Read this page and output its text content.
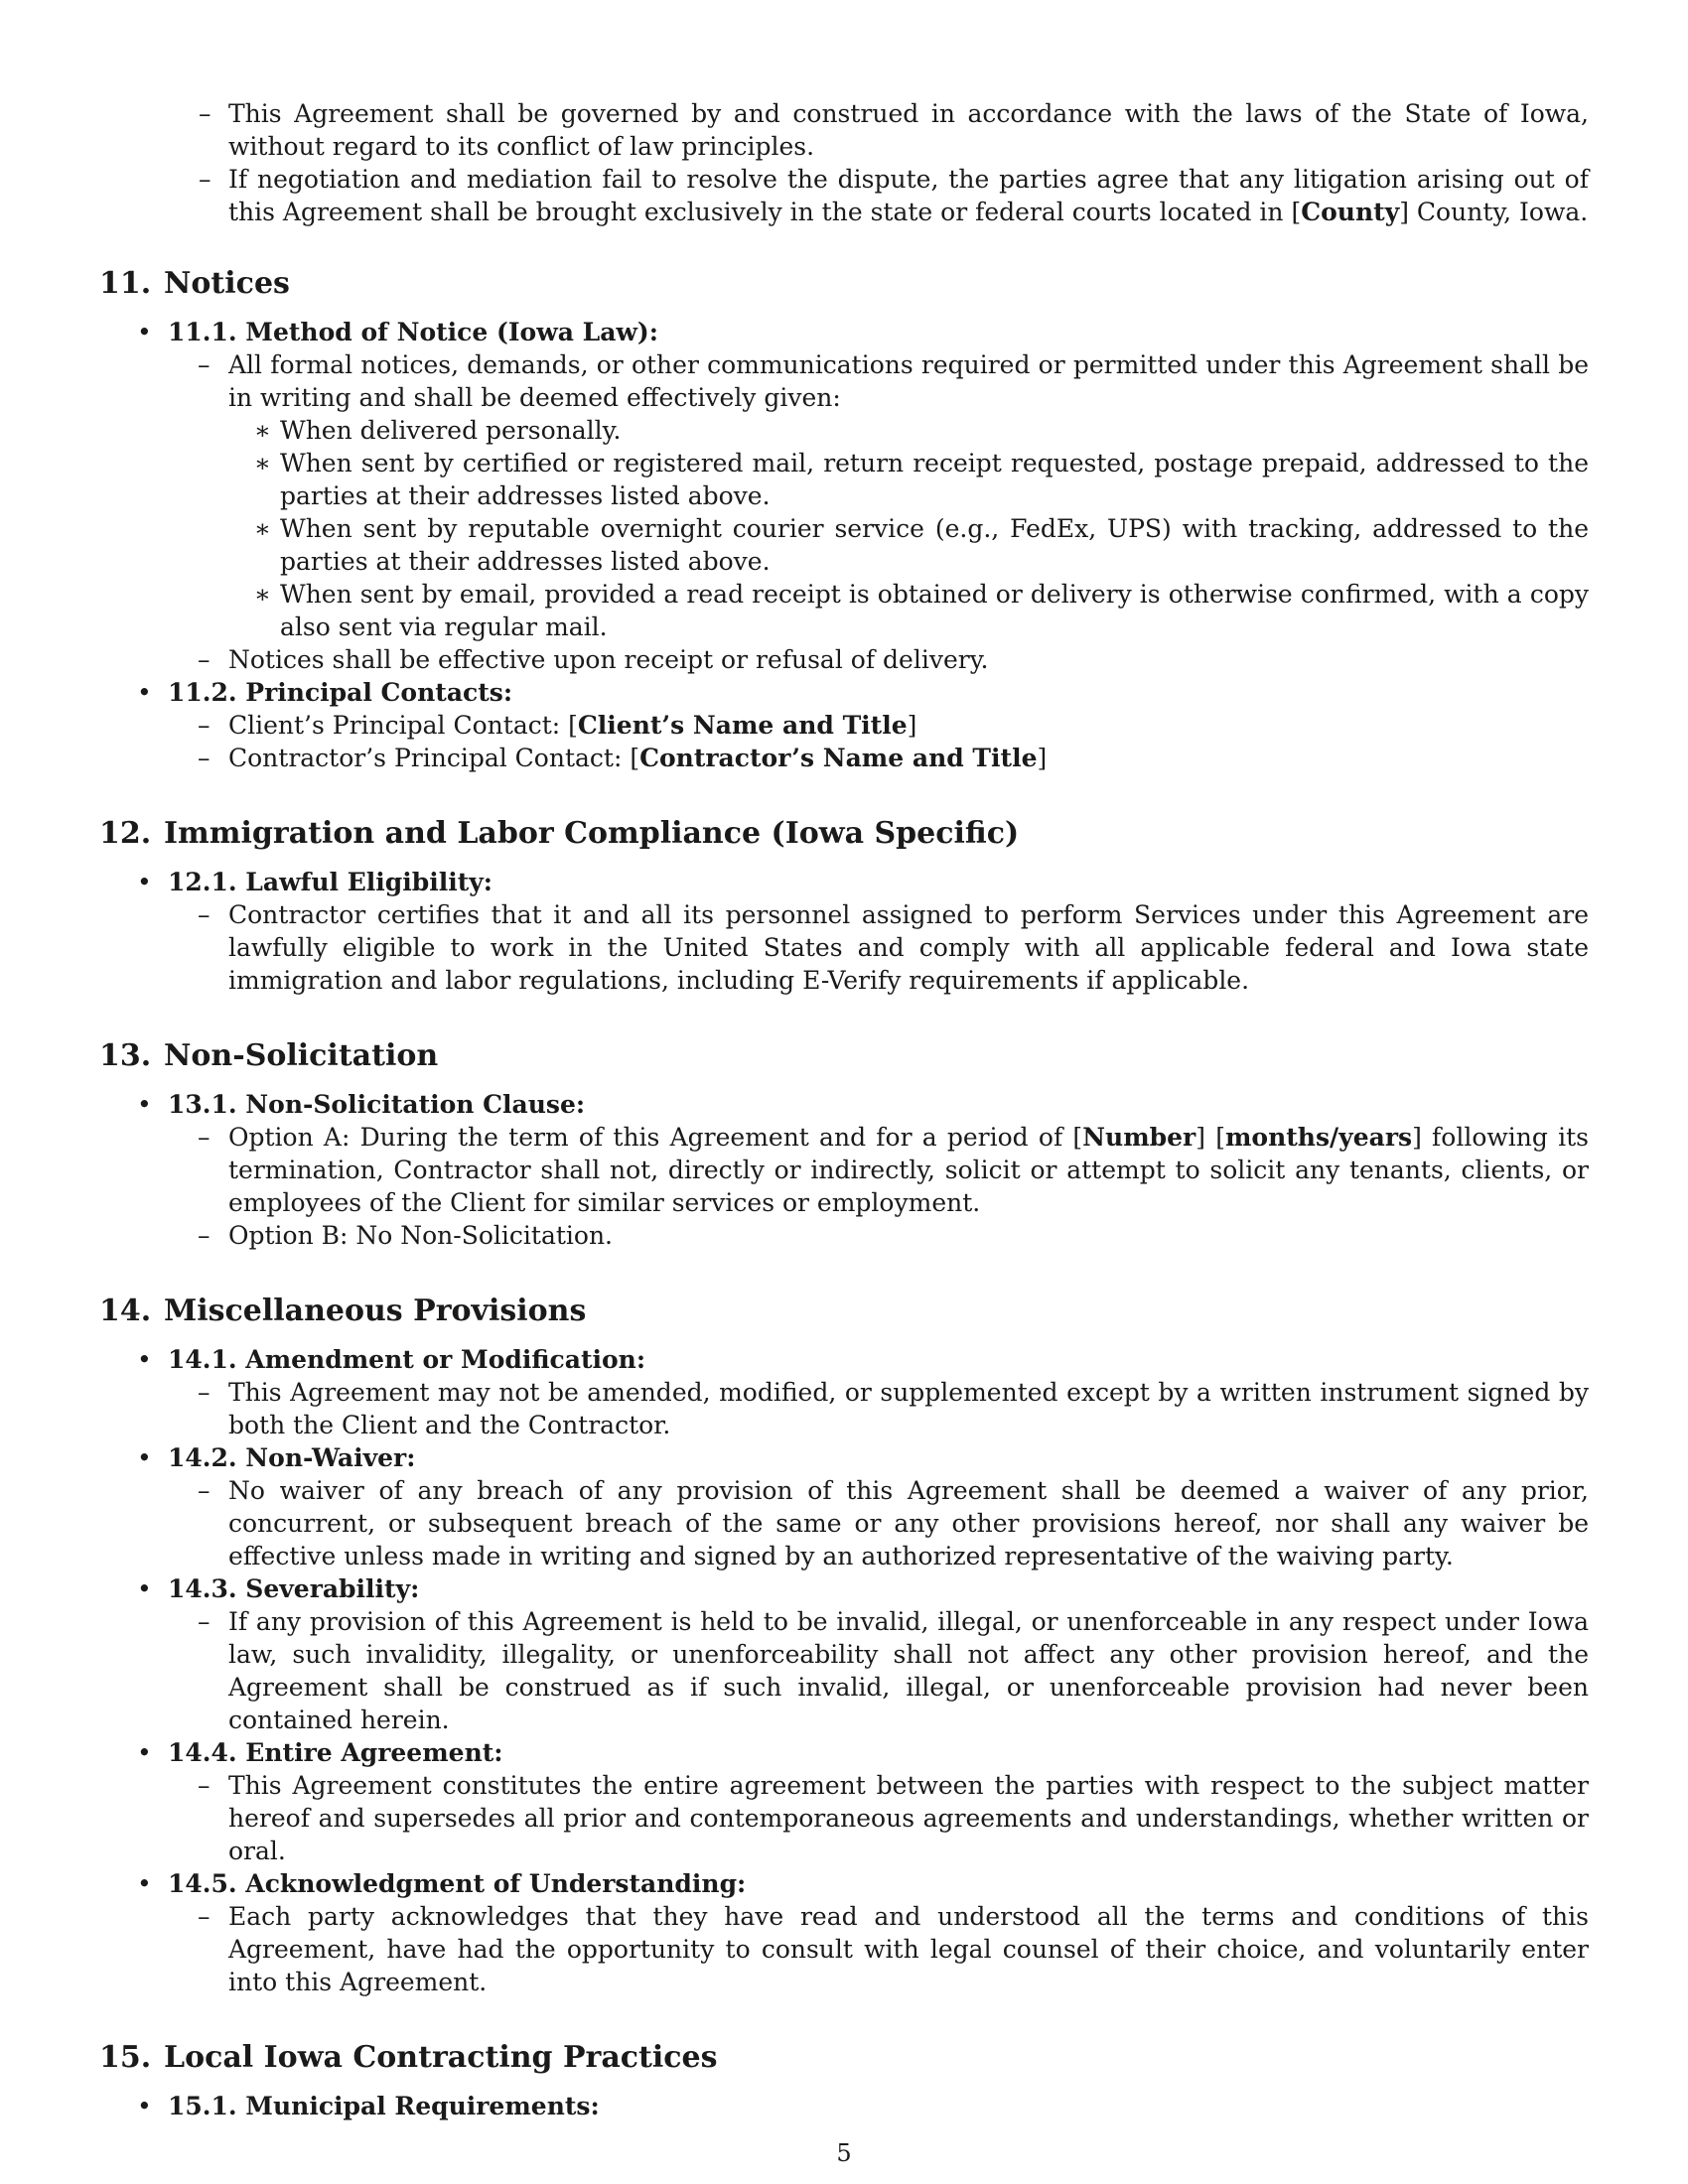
– This Agreement shall be governed by and construed in accordance with the laws of the State of Iowa, without regard to its conflict of law principles.
– If negotiation and mediation fail to resolve the dispute, the parties agree that any litigation arising out of this Agreement shall be brought exclusively in the state or federal courts located in [County] County, Iowa.
11. Notices
• 11.1. Method of Notice (Iowa Law):
– All formal notices, demands, or other communications required or permitted under this Agreement shall be in writing and shall be deemed effectively given:
∗ When delivered personally.
∗ When sent by certified or registered mail, return receipt requested, postage prepaid, addressed to the parties at their addresses listed above.
∗ When sent by reputable overnight courier service (e.g., FedEx, UPS) with tracking, addressed to the parties at their addresses listed above.
∗ When sent by email, provided a read receipt is obtained or delivery is otherwise confirmed, with a copy also sent via regular mail.
– Notices shall be effective upon receipt or refusal of delivery.
• 11.2. Principal Contacts:
– Client’s Principal Contact: [Client’s Name and Title]
– Contractor’s Principal Contact: [Contractor’s Name and Title]
12. Immigration and Labor Compliance (Iowa Specific)
• 12.1. Lawful Eligibility:
– Contractor certifies that it and all its personnel assigned to perform Services under this Agreement are lawfully eligible to work in the United States and comply with all applicable federal and Iowa state immigration and labor regulations, including E-Verify requirements if applicable.
13. Non-Solicitation
• 13.1. Non-Solicitation Clause:
– Option A: During the term of this Agreement and for a period of [Number] [months/years] following its termination, Contractor shall not, directly or indirectly, solicit or attempt to solicit any tenants, clients, or employees of the Client for similar services or employment.
– Option B: No Non-Solicitation.
14. Miscellaneous Provisions
• 14.1. Amendment or Modification:
– This Agreement may not be amended, modified, or supplemented except by a written instrument signed by both the Client and the Contractor.
• 14.2. Non-Waiver:
– No waiver of any breach of any provision of this Agreement shall be deemed a waiver of any prior, concurrent, or subsequent breach of the same or any other provisions hereof, nor shall any waiver be effective unless made in writing and signed by an authorized representative of the waiving party.
• 14.3. Severability:
– If any provision of this Agreement is held to be invalid, illegal, or unenforceable in any respect under Iowa law, such invalidity, illegality, or unenforceability shall not affect any other provision hereof, and the Agreement shall be construed as if such invalid, illegal, or unenforceable provision had never been contained herein.
• 14.4. Entire Agreement:
– This Agreement constitutes the entire agreement between the parties with respect to the subject matter hereof and supersedes all prior and contemporaneous agreements and understandings, whether written or oral.
• 14.5. Acknowledgment of Understanding:
– Each party acknowledges that they have read and understood all the terms and conditions of this Agreement, have had the opportunity to consult with legal counsel of their choice, and voluntarily enter into this Agreement.
15. Local Iowa Contracting Practices
• 15.1. Municipal Requirements:
5
